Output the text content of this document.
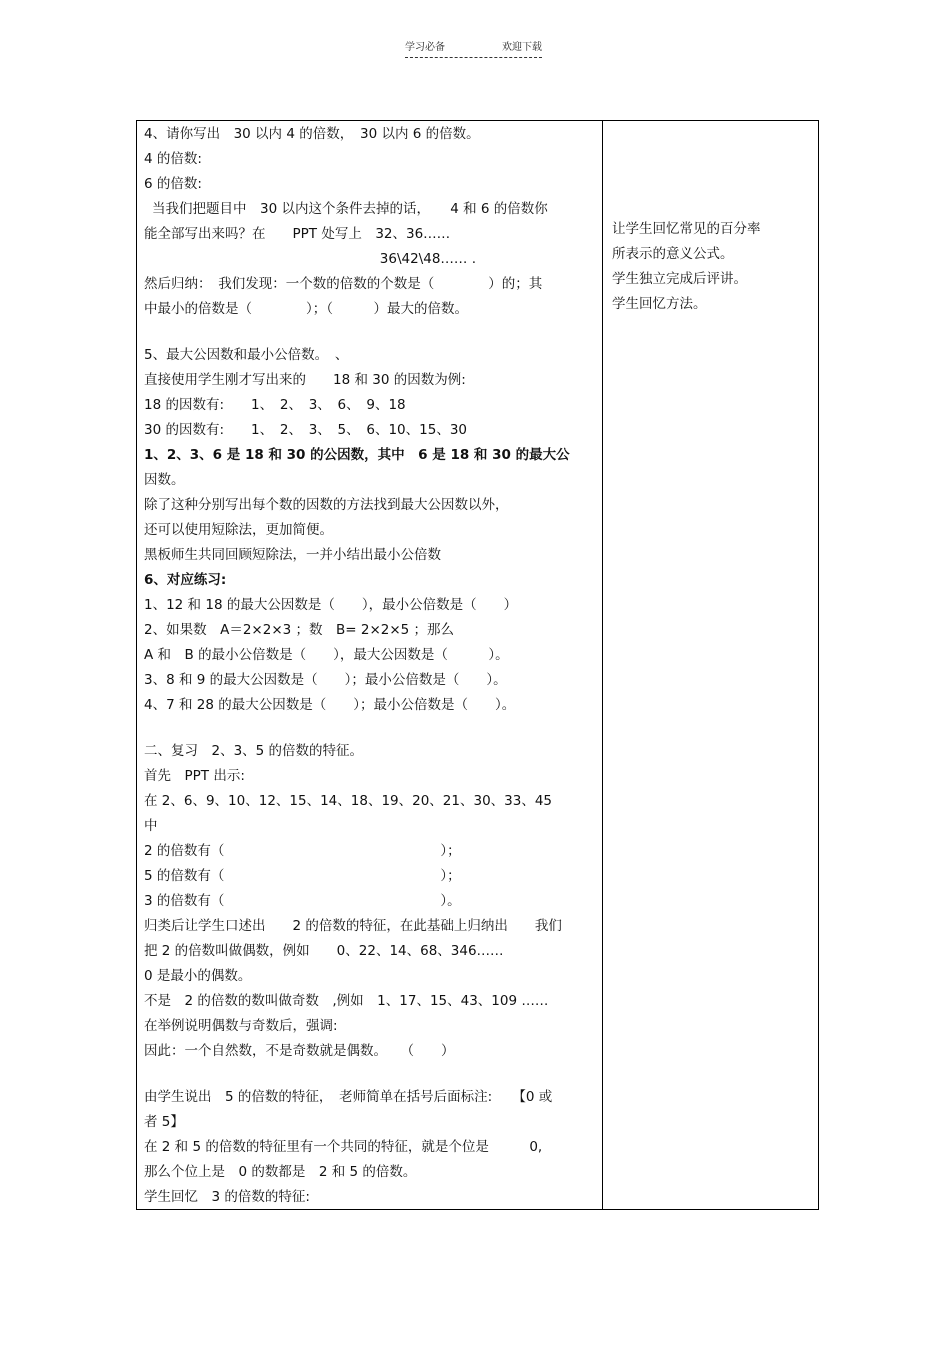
学习必备	欢迎下载
4、请你写出　30 以内 4 的倍数，　30 以内 6 的倍数。
4 的倍数:
6 的倍数:
当我们把题目中　30 以内这个条件去掉的话，　　4 和 6 的倍数你
能全部写出来吗？在　　PPT 处写上　32、36……
36\42\48…… .
然后归纳：　我们发现：一个数的倍数的个数是（　　　　）的；其
中最小的倍数是（　　　　）；（　　　）最大的倍数。
5、最大公因数和最小公倍数。　、
直接使用学生刚才写出来的　　18 和 30 的因数为例:
18 的因数有:　　1、　2、　3、　6、　9、18
30 的因数有:　　1、　2、　3、　5、　6、10、15、30
1、2、3、6 是 18 和 30 的公因数，其中　6 是 18 和 30 的最大公
因数。
除了这种分别写出每个数的因数的方法找到最大公因数以外，
还可以使用短除法，更加简便。
黑板师生共同回顾短除法，一并小结出最小公倍数
6、对应练习:
1、12 和 18 的最大公因数是（　　），最小公倍数是（　　）
2、如果数　A＝2×2×3 ；数　B= 2×2×5 ；那么
A 和　B 的最小公倍数是（　　），最大公因数是（　　　）。
3、8 和 9 的最大公因数是（　　）；最小公倍数是（　　）。
4、7 和 28 的最大公因数是（　　）；最小公倍数是（　　）。
二、复习　2、3、5 的倍数的特征。
首先　PPT 出示:
在 2、6、9、10、12、15、14、18、19、20、21、30、33、45
中
2 的倍数有（　　　　　　　　　　　　　　　　）；
5 的倍数有（　　　　　　　　　　　　　　　　）；
3 的倍数有（　　　　　　　　　　　　　　　　）。
归类后让学生口述出　　2 的倍数的特征，在此基础上归纳出　　我们
把 2 的倍数叫做偶数，例如　　0、22、14、68、346……
0 是最小的偶数。
不是　2 的倍数的数叫做奇数　,例如　1、17、15、43、109 ……
在举例说明偶数与奇数后，强调:
因此：一个自然数，不是奇数就是偶数。　　（　　）
由学生说出　5 的倍数的特征，　老师简单在括号后面标注:　　【0 或
者 5】
在 2 和 5 的倍数的特征里有一个共同的特征，就是个位是　　　0,
那么个位上是　0 的数都是　2 和 5 的倍数。
学生回忆　3 的倍数的特征:
让学生回忆常见的百分率
所表示的意义公式。
学生独立完成后评讲。
学生回忆方法。
